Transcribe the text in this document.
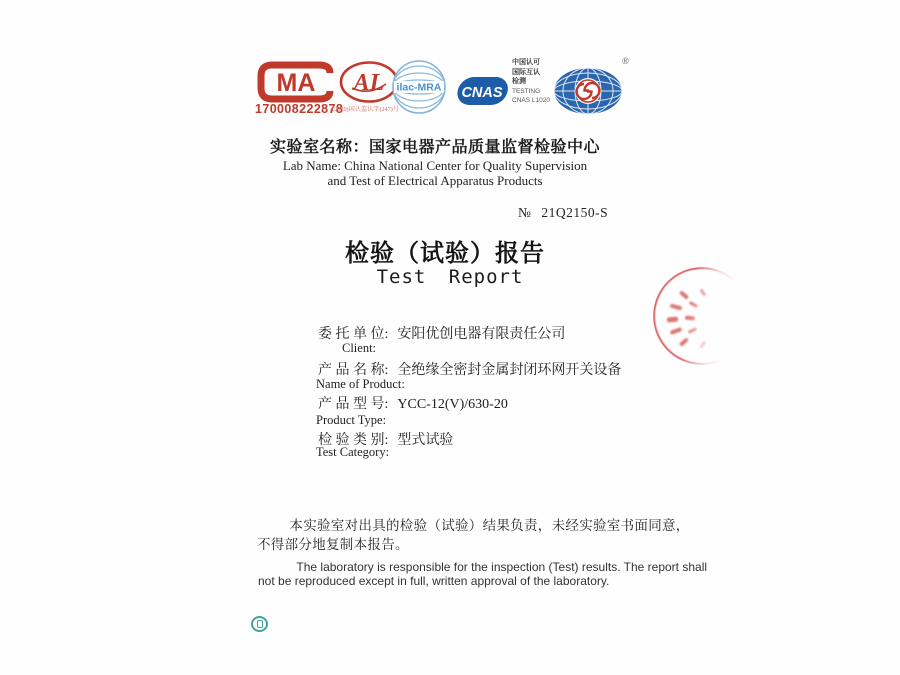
MA
170008222878
AL
(2020)国认监认字(247)号
ilac-MRA CNAS
中国认可
国际互认
检测
TESTING
CNAS L1020
®
实验室名称：国家电器产品质量监督检验中心
Lab Name: China National Center for Quality Supervision
and Test of Electrical Apparatus Products
№ 21Q2150-S
检验（试验）报告
Test Report
委 托 单 位: 安阳优创电器有限责任公司
Client:
产 品 名 称: 全绝缘全密封金属封闭环网开关设备
Name of Product:
产 品 型 号: YCC-12(V)/630-20
Product Type:
检 验 类 别: 型式试验
Test Category:
本实验室对出具的检验（试验）结果负责，未经实验室书面同意，
不得部分地复制本报告。
The laboratory is responsible for the inspection (Test) results. The report shall
not be reproduced except in full, written approval of the laboratory.
